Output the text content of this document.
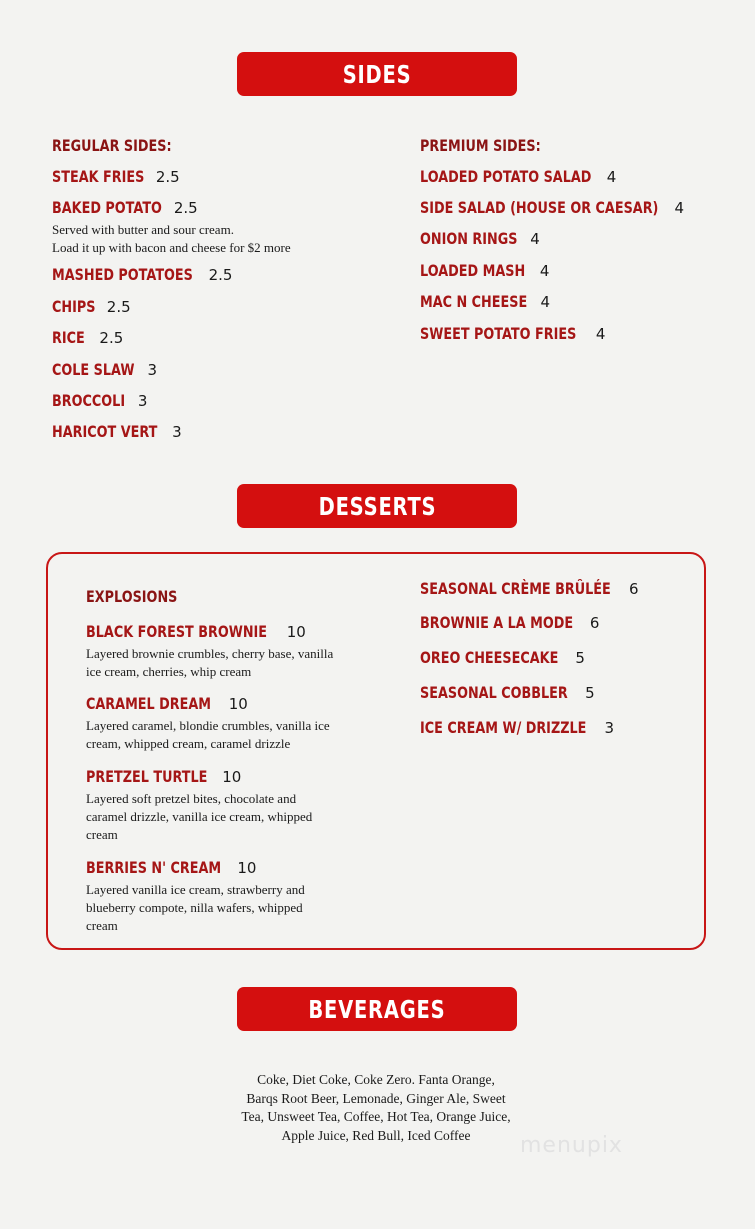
SIDES
REGULAR SIDES:
STEAK FRIES 2.5
BAKED POTATO 2.5
Served with butter and sour cream.
Load it up with bacon and cheese for $2 more
MASHED POTATOES 2.5
CHIPS 2.5
RICE 2.5
COLE SLAW 3
BROCCOLI 3
HARICOT VERT 3
PREMIUM SIDES:
LOADED POTATO SALAD 4
SIDE SALAD (HOUSE OR CAESAR) 4
ONION RINGS 4
LOADED MASH 4
MAC N CHEESE 4
SWEET POTATO FRIES 4
DESSERTS
EXPLOSIONS
BLACK FOREST BROWNIE 10
Layered brownie crumbles, cherry base, vanilla
ice cream, cherries, whip cream
CARAMEL DREAM 10
Layered caramel, blondie crumbles, vanilla ice
cream, whipped cream, caramel drizzle
PRETZEL TURTLE 10
Layered soft pretzel bites, chocolate and
caramel drizzle, vanilla ice cream, whipped
cream
BERRIES N' CREAM 10
Layered vanilla ice cream, strawberry and
blueberry compote, nilla wafers, whipped
cream
SEASONAL CRÈME BRÛLÉE 6
BROWNIE A LA MODE 6
OREO CHEESECAKE 5
SEASONAL COBBLER 5
ICE CREAM W/ DRIZZLE 3
BEVERAGES
Coke, Diet Coke, Coke Zero. Fanta Orange,
Barqs Root Beer, Lemonade, Ginger Ale, Sweet
Tea, Unsweet Tea, Coffee, Hot Tea, Orange Juice,
Apple Juice, Red Bull, Iced Coffee	menupix
